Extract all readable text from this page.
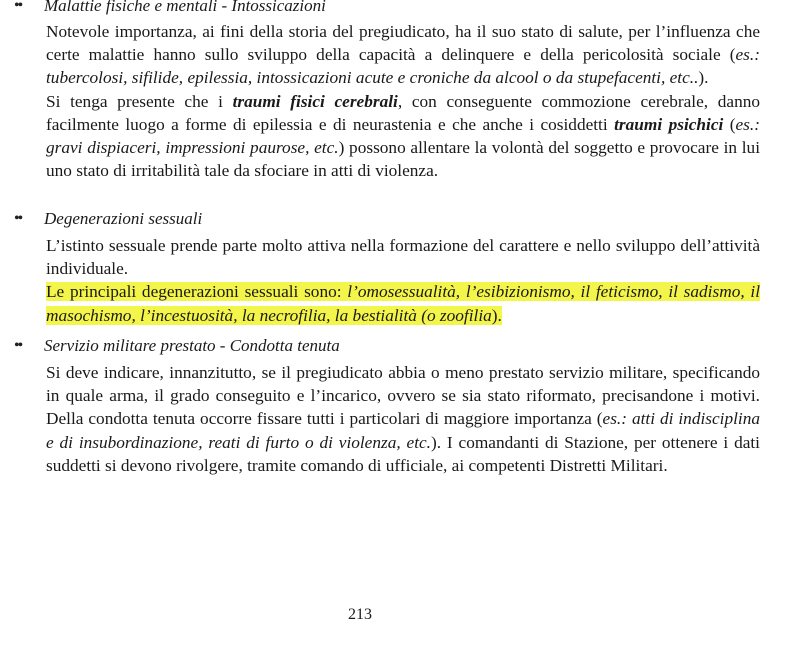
•• Malattie fisiche e mentali - Intossicazioni
Notevole importanza, ai fini della storia del pregiudicato, ha il suo stato di salute, per l’influenza che certe malattie hanno sullo sviluppo della capacità a delinquere e della pericolosità sociale (es.: tubercolosi, sifilide, epilessia, intossicazioni acute e croniche da alcool o da stupefacenti, etc..).
Si tenga presente che i traumi fisici cerebrali, con conseguente commozione cerebrale, danno facilmente luogo a forme di epilessia e di neurastenia e che anche i cosiddetti traumi psichici (es.: gravi dispiaceri, impressioni paurose, etc.) possono allentare la volontà del soggetto e provocare in lui uno stato di irritabilità tale da sfociare in atti di violenza.
•• Degenerazioni sessuali
L’istinto sessuale prende parte molto attiva nella formazione del carattere e nello sviluppo dell’attività individuale.
Le principali degenerazioni sessuali sono: l’omosessualità, l’esibizionismo, il feticismo, il sadismo, il masochismo, l’incestuosità, la necrofilia, la bestialità (o zoofilia).
•• Servizio militare prestato - Condotta tenuta
Si deve indicare, innanzitutto, se il pregiudicato abbia o meno prestato servizio militare, specificando in quale arma, il grado conseguito e l’incarico, ovvero se sia stato riformato, precisandone i motivi. Della condotta tenuta occorre fissare tutti i particolari di maggiore importanza (es.: atti di indisciplina e di insubordinazione, reati di furto o di violenza, etc.). I comandanti di Stazione, per ottenere i dati suddetti si devono rivolgere, tramite comando di ufficiale, ai competenti Distretti Militari.
213
